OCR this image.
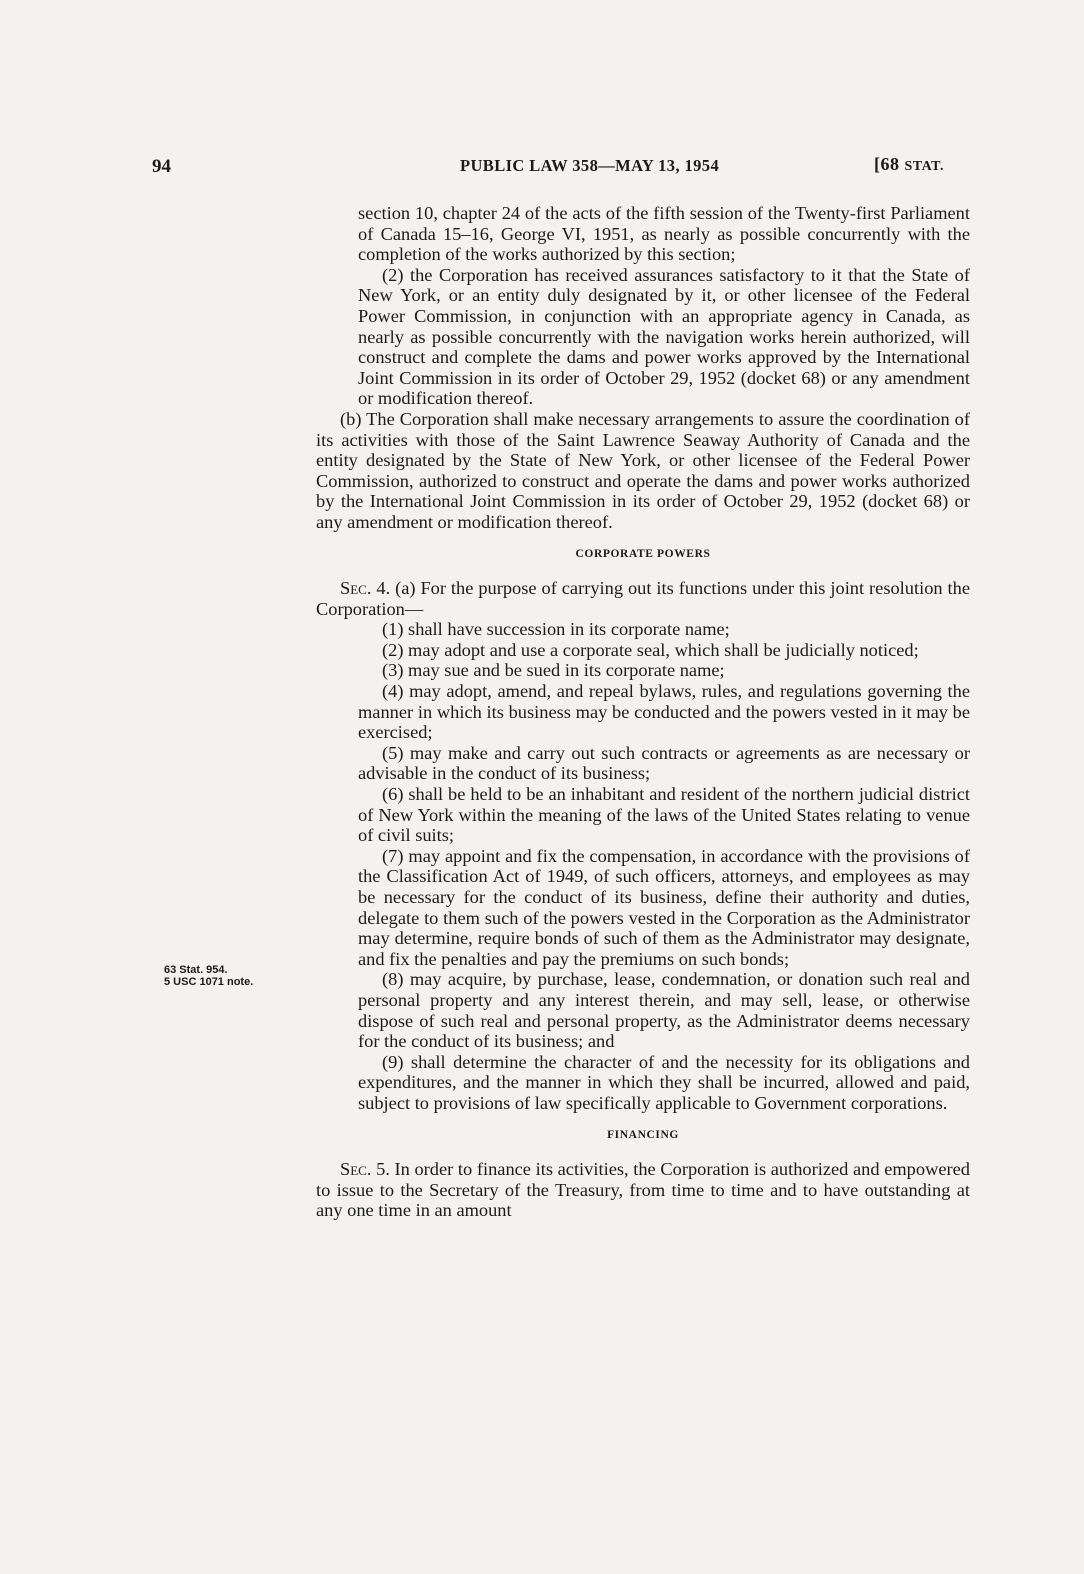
94	PUBLIC LAW 358—MAY 13, 1954	[68 STAT.
63 Stat. 954.
5 USC 1071 note.

section 10, chapter 24 of the acts of the fifth session of the Twenty-first Parliament of Canada 15–16, George VI, 1951, as nearly as possible concurrently with the completion of the works authorized by this section;

(2) the Corporation has received assurances satisfactory to it that the State of New York, or an entity duly designated by it, or other licensee of the Federal Power Commission, in conjunction with an appropriate agency in Canada, as nearly as possible concurrently with the navigation works herein authorized, will construct and complete the dams and power works approved by the International Joint Commission in its order of October 29, 1952 (docket 68) or any amendment or modification thereof.

(b) The Corporation shall make necessary arrangements to assure the coordination of its activities with those of the Saint Lawrence Seaway Authority of Canada and the entity designated by the State of New York, or other licensee of the Federal Power Commission, authorized to construct and operate the dams and power works authorized by the International Joint Commission in its order of October 29, 1952 (docket 68) or any amendment or modification thereof.

CORPORATE POWERS

Sec. 4. (a) For the purpose of carrying out its functions under this joint resolution the Corporation—

(1) shall have succession in its corporate name;

(2) may adopt and use a corporate seal, which shall be judicially noticed;

(3) may sue and be sued in its corporate name;

(4) may adopt, amend, and repeal bylaws, rules, and regulations governing the manner in which its business may be conducted and the powers vested in it may be exercised;

(5) may make and carry out such contracts or agreements as are necessary or advisable in the conduct of its business;

(6) shall be held to be an inhabitant and resident of the northern judicial district of New York within the meaning of the laws of the United States relating to venue of civil suits;

(7) may appoint and fix the compensation, in accordance with the provisions of the Classification Act of 1949, of such officers, attorneys, and employees as may be necessary for the conduct of its business, define their authority and duties, delegate to them such of the powers vested in the Corporation as the Administrator may determine, require bonds of such of them as the Administrator may designate, and fix the penalties and pay the premiums on such bonds;

(8) may acquire, by purchase, lease, condemnation, or donation such real and personal property and any interest therein, and may sell, lease, or otherwise dispose of such real and personal property, as the Administrator deems necessary for the conduct of its business; and

(9) shall determine the character of and the necessity for its obligations and expenditures, and the manner in which they shall be incurred, allowed and paid, subject to provisions of law specifically applicable to Government corporations.

FINANCING

Sec. 5. In order to finance its activities, the Corporation is authorized and empowered to issue to the Secretary of the Treasury, from time to time and to have outstanding at any one time in an amount
